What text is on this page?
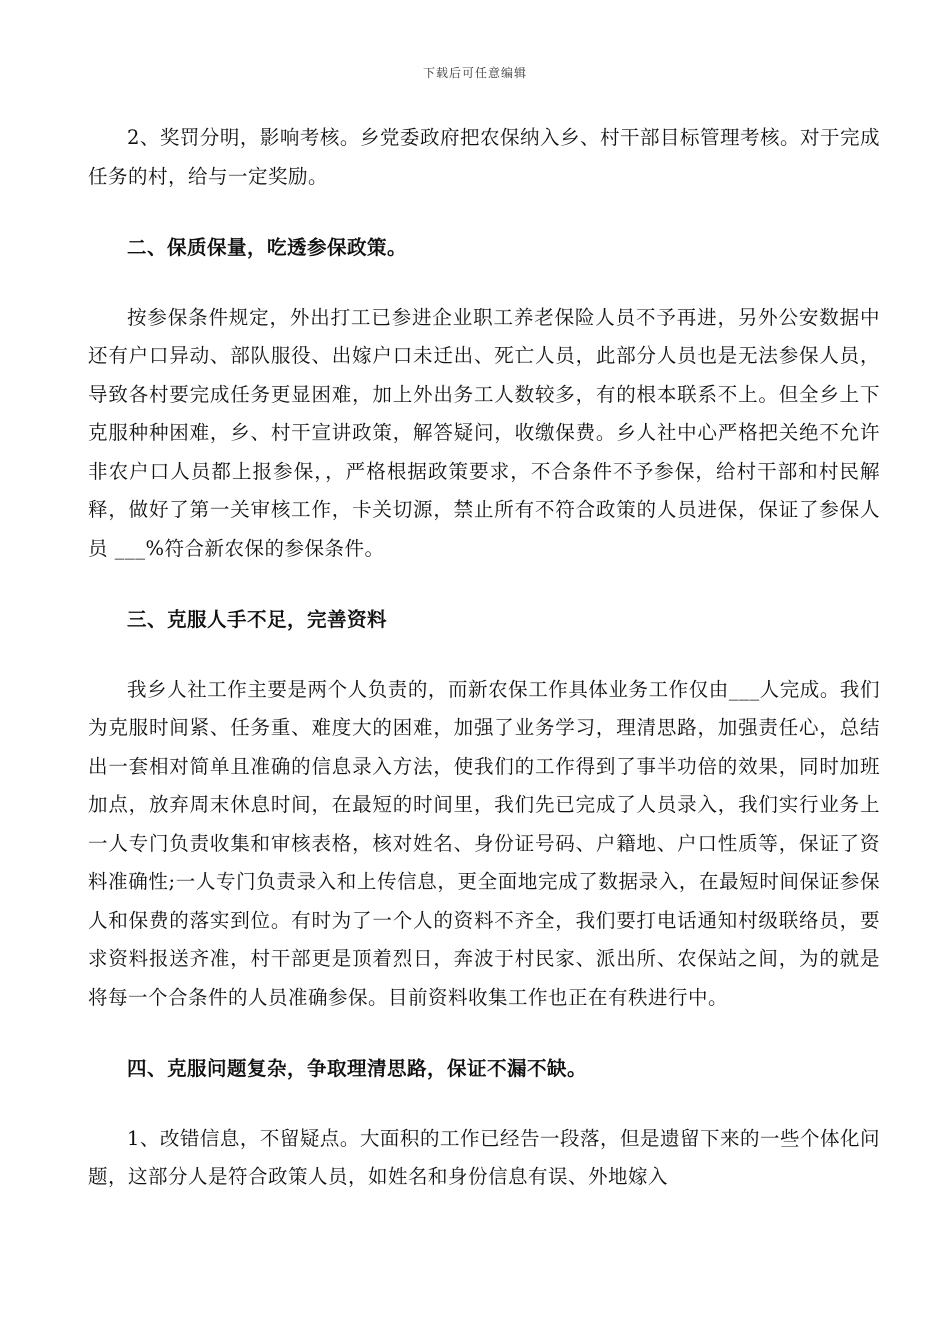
下载后可任意编辑

2、奖罚分明，影响考核。乡党委政府把农保纳入乡、村干部目标管理考核。对于完成任务的村，给与一定奖励。

二、保质保量，吃透参保政策。

按参保条件规定，外出打工已参进企业职工养老保险人员不予再进，另外公安数据中还有户口异动、部队服役、出嫁户口未迁出、死亡人员，此部分人员也是无法参保人员，导致各村要完成任务更显困难，加上外出务工人数较多，有的根本联系不上。但全乡上下克服种种困难，乡、村干宣讲政策，解答疑问，收缴保费。乡人社中心严格把关绝不允许非农户口人员都上报参保，，严格根据政策要求，不合条件不予参保，给村干部和村民解释，做好了第一关审核工作，卡关切源，禁止所有不符合政策的人员进保，保证了参保人员 ___%符合新农保的参保条件。

三、克服人手不足，完善资料

我乡人社工作主要是两个人负责的，而新农保工作具体业务工作仅由___人完成。我们为克服时间紧、任务重、难度大的困难，加强了业务学习，理清思路，加强责任心，总结出一套相对简单且准确的信息录入方法，使我们的工作得到了事半功倍的效果，同时加班加点，放弃周末休息时间，在最短的时间里，我们先已完成了人员录入，我们实行业务上一人专门负责收集和审核表格，核对姓名、身份证号码、户籍地、户口性质等，保证了资料准确性;一人专门负责录入和上传信息，更全面地完成了数据录入，在最短时间保证参保人和保费的落实到位。有时为了一个人的资料不齐全，我们要打电话通知村级联络员，要求资料报送齐准，村干部更是顶着烈日，奔波于村民家、派出所、农保站之间，为的就是将每一个合条件的人员准确参保。目前资料收集工作也正在有秩进行中。

四、克服问题复杂，争取理清思路，保证不漏不缺。

1、改错信息，不留疑点。大面积的工作已经告一段落，但是遗留下来的一些个体化问题，这部分人是符合政策人员，如姓名和身份信息有误、外地嫁入
